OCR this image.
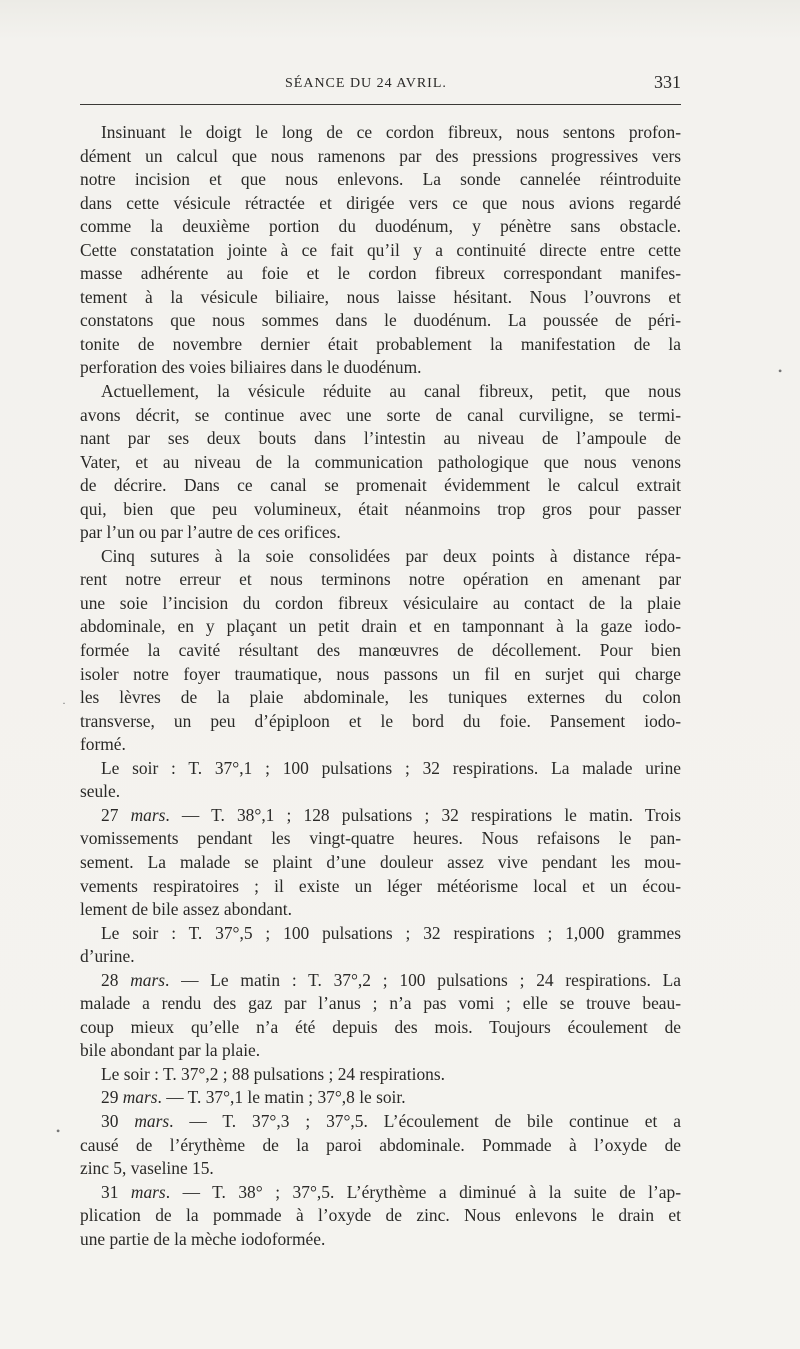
SÉANCE DU 24 AVRIL.	331
Insinuant le doigt le long de ce cordon fibreux, nous sentons profon-
dément un calcul que nous ramenons par des pressions progressives vers
notre incision et que nous enlevons. La sonde cannelée réintroduite
dans cette vésicule rétractée et dirigée vers ce que nous avions regardé
comme la deuxième portion du duodénum, y pénètre sans obstacle.
Cette constatation jointe à ce fait qu’il y a continuité directe entre cette
masse adhérente au foie et le cordon fibreux correspondant manifes-
tement à la vésicule biliaire, nous laisse hésitant. Nous l’ouvrons et
constatons que nous sommes dans le duodénum. La poussée de péri-
tonite de novembre dernier était probablement la manifestation de la
perforation des voies biliaires dans le duodénum.
Actuellement, la vésicule réduite au canal fibreux, petit, que nous
avons décrit, se continue avec une sorte de canal curviligne, se termi-
nant par ses deux bouts dans l’intestin au niveau de l’ampoule de
Vater, et au niveau de la communication pathologique que nous venons
de décrire. Dans ce canal se promenait évidemment le calcul extrait
qui, bien que peu volumineux, était néanmoins trop gros pour passer
par l’un ou par l’autre de ces orifices.
Cinq sutures à la soie consolidées par deux points à distance répa-
rent notre erreur et nous terminons notre opération en amenant par
une soie l’incision du cordon fibreux vésiculaire au contact de la plaie
abdominale, en y plaçant un petit drain et en tamponnant à la gaze iodo-
formée la cavité résultant des manœuvres de décollement. Pour bien
isoler notre foyer traumatique, nous passons un fil en surjet qui charge
les lèvres de la plaie abdominale, les tuniques externes du colon
transverse, un peu d’épiploon et le bord du foie. Pansement iodo-
formé.
Le soir : T. 37°,1 ; 100 pulsations ; 32 respirations. La malade urine
seule.
27 mars. — T. 38°,1 ; 128 pulsations ; 32 respirations le matin. Trois
vomissements pendant les vingt-quatre heures. Nous refaisons le pan-
sement. La malade se plaint d’une douleur assez vive pendant les mou-
vements respiratoires ; il existe un léger météorisme local et un écou-
lement de bile assez abondant.
Le soir : T. 37°,5 ; 100 pulsations ; 32 respirations ; 1,000 grammes
d’urine.
28 mars. — Le matin : T. 37°,2 ; 100 pulsations ; 24 respirations. La
malade a rendu des gaz par l’anus ; n’a pas vomi ; elle se trouve beau-
coup mieux qu’elle n’a été depuis des mois. Toujours écoulement de
bile abondant par la plaie.
Le soir : T. 37°,2 ; 88 pulsations ; 24 respirations.
29 mars. — T. 37°,1 le matin ; 37°,8 le soir.
30 mars. — T. 37°,3 ; 37°,5. L’écoulement de bile continue et a
causé de l’érythème de la paroi abdominale. Pommade à l’oxyde de
zinc 5, vaseline 15.
31 mars. — T. 38° ; 37°,5. L’érythème a diminué à la suite de l’ap-
plication de la pommade à l’oxyde de zinc. Nous enlevons le drain et
une partie de la mèche iodoformée.
•
•
·
